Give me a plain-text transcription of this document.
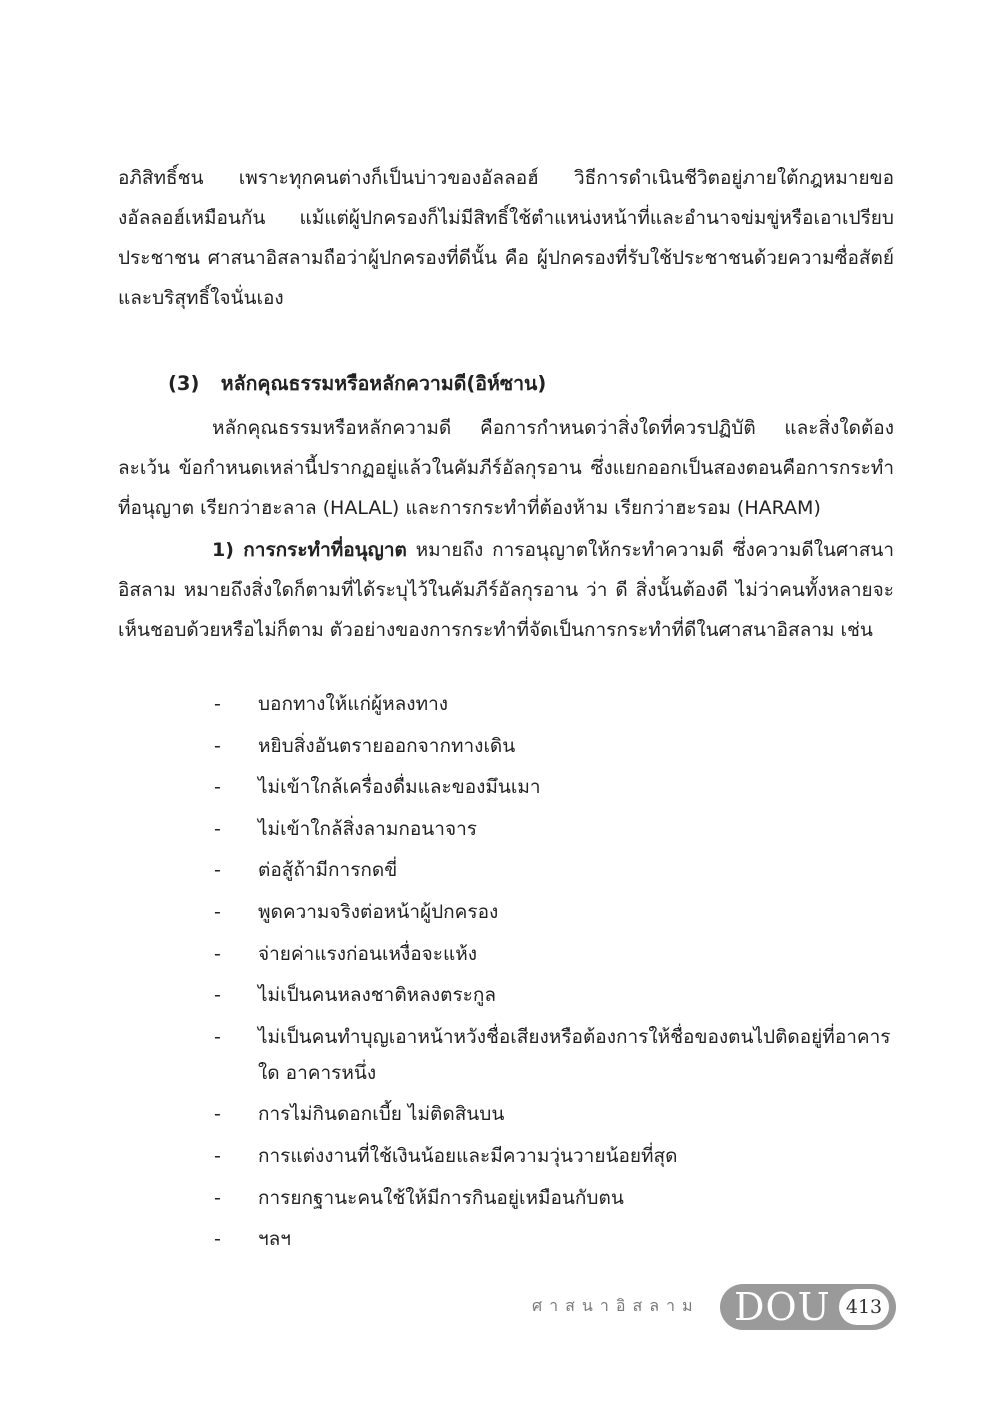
อภิสิทธิ์ชน เพราะทุกคนต่างก็เป็นบ่าวของอัลลอฮ์ วิธีการดำเนินชีวิตอยู่ภายใต้กฎหมายของอัลลอฮ์เหมือนกัน แม้แต่ผู้ปกครองก็ไม่มีสิทธิ์ใช้ตำแหน่งหน้าที่และอำนาจข่มขู่หรือเอาเปรียบประชาชน ศาสนาอิสลามถือว่าผู้ปกครองที่ดีนั้น คือ ผู้ปกครองที่รับใช้ประชาชนด้วยความซื่อสัตย์และบริสุทธิ์ใจนั่นเอง

(3) หลักคุณธรรมหรือหลักความดี(อิห์ซาน)

หลักคุณธรรมหรือหลักความดี คือการกำหนดว่าสิ่งใดที่ควรปฏิบัติ และสิ่งใดต้องละเว้น ข้อกำหนดเหล่านี้ปรากฏอยู่แล้วในคัมภีร์อัลกุรอาน ซึ่งแยกออกเป็นสองตอนคือการกระทำที่อนุญาต เรียกว่าฮะลาล (HALAL) และการกระทำที่ต้องห้าม เรียกว่าฮะรอม (HARAM)

1) การกระทำที่อนุญาต หมายถึง การอนุญาตให้กระทำความดี ซึ่งความดีในศาสนาอิสลาม หมายถึงสิ่งใดก็ตามที่ได้ระบุไว้ในคัมภีร์อัลกุรอาน ว่า ดี สิ่งนั้นต้องดี ไม่ว่าคนทั้งหลายจะเห็นชอบด้วยหรือไม่ก็ตาม ตัวอย่างของการกระทำที่จัดเป็นการกระทำที่ดีในศาสนาอิสลาม เช่น

- บอกทางให้แก่ผู้หลงทาง
- หยิบสิ่งอันตรายออกจากทางเดิน
- ไม่เข้าใกล้เครื่องดื่มและของมึนเมา
- ไม่เข้าใกล้สิ่งลามกอนาจาร
- ต่อสู้ถ้ามีการกดขี่
- พูดความจริงต่อหน้าผู้ปกครอง
- จ่ายค่าแรงก่อนเหงื่อจะแห้ง
- ไม่เป็นคนหลงชาติหลงตระกูล
- ไม่เป็นคนทำบุญเอาหน้าหวังชื่อเสียงหรือต้องการให้ชื่อของตนไปติดอยู่ที่อาคารใด อาคารหนึ่ง
- การไม่กินดอกเบี้ย ไม่ติดสินบน
- การแต่งงานที่ใช้เงินน้อยและมีความวุ่นวายน้อยที่สุด
- การยกฐานะคนใช้ให้มีการกินอยู่เหมือนกับตน
- ฯลฯ
ศาสนาอิสลาม DOU 413
